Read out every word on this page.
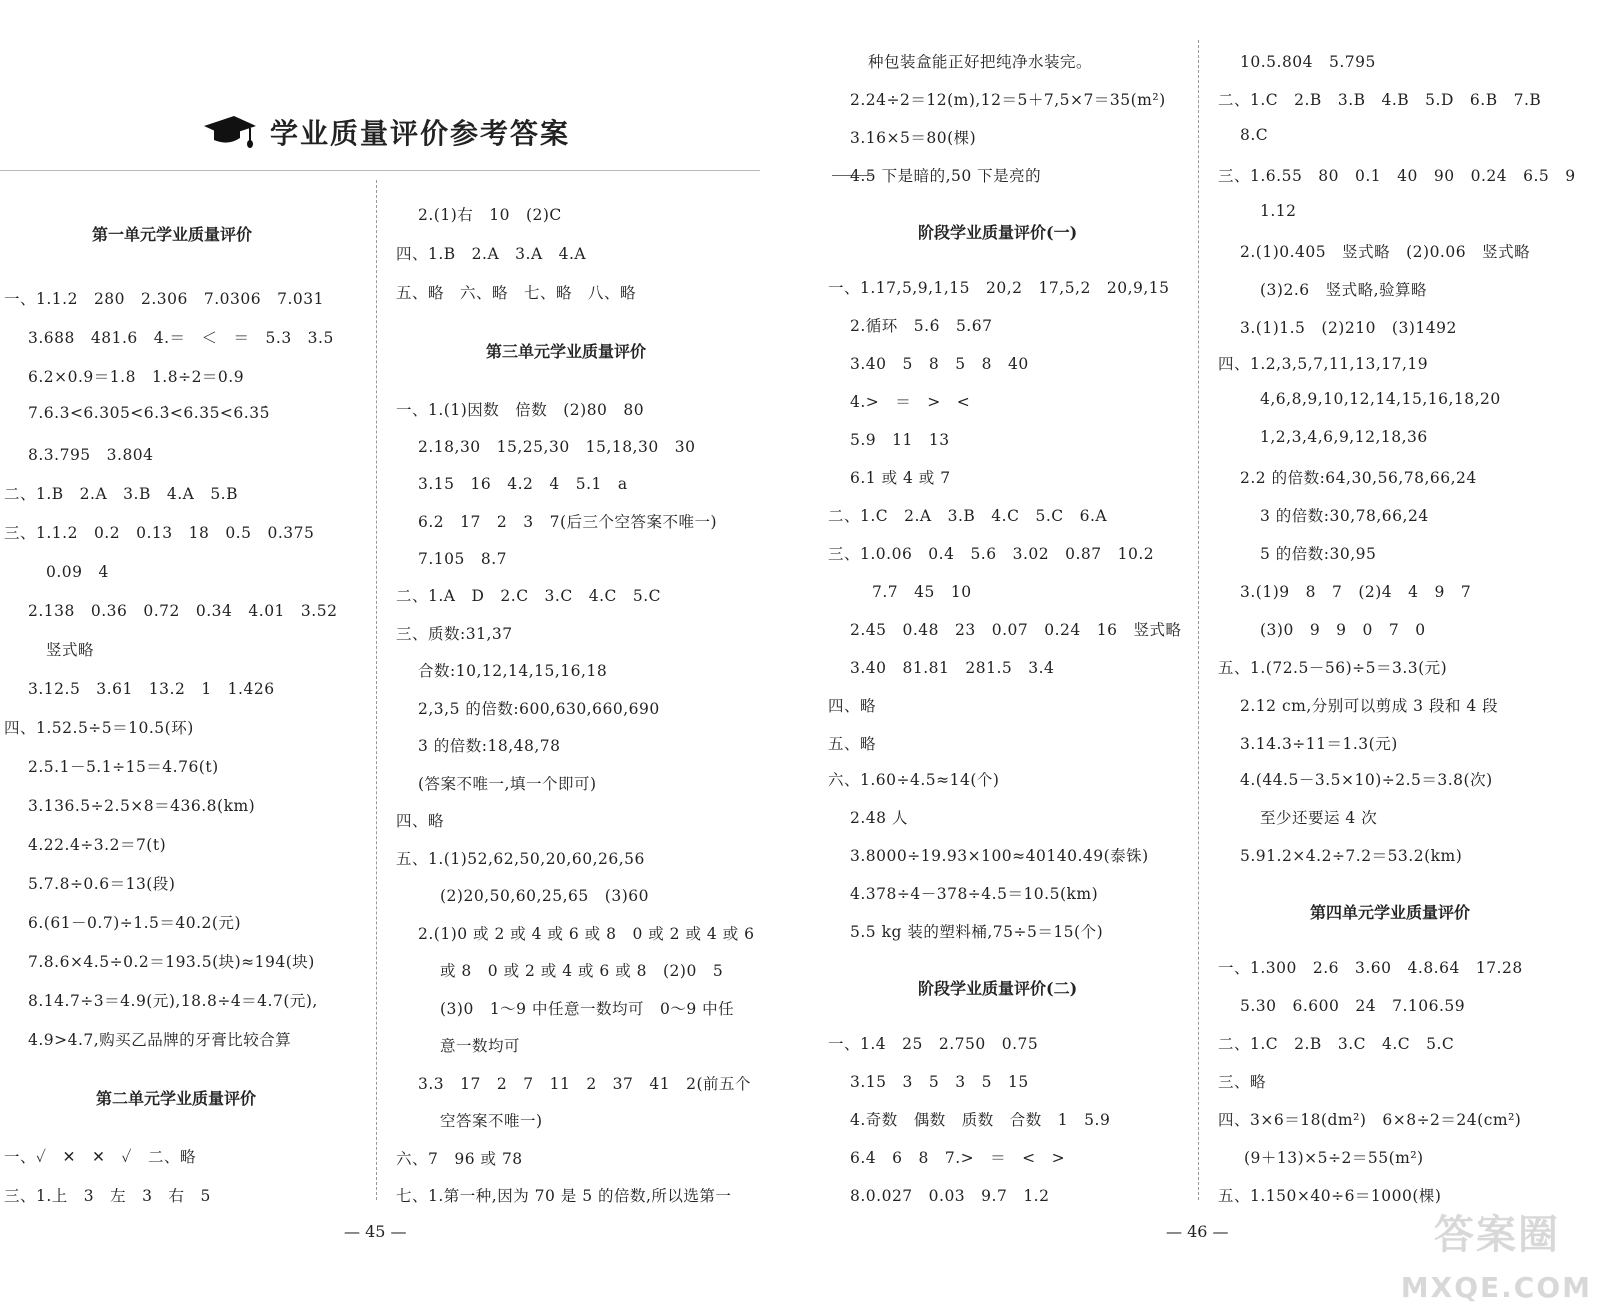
学业质量评价参考答案
第一单元学业质量评价
一、1.1.2　280　2.306　7.0306　7.031
3.688　481.6　4.＝　＜　＝　5.3　3.5
6.2×0.9＝1.8　1.8÷2＝0.9
7.6.3<6.305<6.3̇<6.35<6.35̇
8.3.795　3.804
二、1.B　2.A　3.B　4.A　5.B
三、1.1.2　0.2　0.13　18　0.5　0.375
0.09　4
2.138　0.36　0.72　0.34　4.01　3.52
竖式略
3.12.5　3.61　13.2　1　1.426
四、1.52.5÷5＝10.5(环)
2.5.1－5.1÷15＝4.76(t)
3.136.5÷2.5×8＝436.8(km)
4.22.4÷3.2＝7(t)
5.7.8÷0.6＝13(段)
6.(61－0.7)÷1.5＝40.2(元)
7.8.6×4.5÷0.2＝193.5(块)≈194(块)
8.14.7÷3＝4.9(元),18.8÷4＝4.7(元),
4.9>4.7,购买乙品牌的牙膏比较合算
第二单元学业质量评价
一、✓　✕　✕　✓　二、略
三、1.上　3　左　3　右　5
2.(1)右　10　(2)C
四、1.B　2.A　3.A　4.A
五、略　六、略　七、略　八、略
第三单元学业质量评价
一、1.(1)因数　倍数　(2)80　80
2.18,30　15,25,30　15,18,30　30
3.15　16　4.2　4　5.1　a
6.2　17　2　3　7(后三个空答案不唯一)
7.105　8.7
二、1.A　D　2.C　3.C　4.C　5.C
三、质数:31,37
合数:10,12,14,15,16,18
2,3,5 的倍数:600,630,660,690
3 的倍数:18,48,78
(答案不唯一,填一个即可)
四、略
五、1.(1)52,62,50,20,60,26,56
(2)20,50,60,25,65　(3)60
2.(1)0 或 2 或 4 或 6 或 8　0 或 2 或 4 或 6
或 8　0 或 2 或 4 或 6 或 8　(2)0　5
(3)0　1～9 中任意一数均可　0～9 中任
意一数均可
3.3　17　2　7　11　2　37　41　2(前五个
空答案不唯一)
六、7　96 或 78
七、1.第一种,因为 70 是 5 的倍数,所以选第一
种包装盒能正好把纯净水装完。
2.24÷2＝12(m),12＝5＋7,5×7＝35(m²)
3.16×5＝80(棵)
4.5 下是暗的,50 下是亮的
阶段学业质量评价(一)
一、1.17,5,9,1,15　20,2　17,5,2　20,9,15
2.循环　5.6̇　5.67
3.40　5　8　5　8　40
4.>　＝　>　<
5.9　11　13
6.1 或 4 或 7
二、1.C　2.A　3.B　4.C　5.C　6.A
三、1.0.06　0.4　5.6　3.02　0.87　10.2
7.7　45　10
2.45　0.48　23　0.07　0.24　16　竖式略
3.40　81.81　281.5　3.4
四、略
五、略
六、1.60÷4.5≈14(个)
2.48 人
3.8000÷19.93×100≈40140.49(泰铢)
4.378÷4－378÷4.5＝10.5(km)
5.5 kg 装的塑料桶,75÷5＝15(个)
阶段学业质量评价(二)
一、1.4　25　2.750　0.75
3.15　3　5　3　5　15
4.奇数　偶数　质数　合数　1　5.9
6.4　6　8　7.>　＝　<　>
8.0.027　0.03　9.7　1.2
10.5.804　5.795
二、1.C　2.B　3.B　4.B　5.D　6.B　7.B
8.C
三、1.6.55　80　0.1　40　90　0.24　6.5　9
1.12
2.(1)0.405　竖式略　(2)0.06　竖式略
(3)2.6　竖式略,验算略
3.(1)1.5　(2)210　(3)1492
四、1.2,3,5,7,11,13,17,19
4,6,8,9,10,12,14,15,16,18,20
1,2,3,4,6,9,12,18,36
2.2 的倍数:64,30,56,78,66,24
3 的倍数:30,78,66,24
5 的倍数:30,95
3.(1)9　8　7　(2)4　4　9　7
(3)0　9　9　0　7　0
五、1.(72.5－56)÷5＝3.3(元)
2.12 cm,分别可以剪成 3 段和 4 段
3.14.3÷11＝1.3(元)
4.(44.5－3.5×10)÷2.5＝3.8(次)
至少还要运 4 次
5.91.2×4.2÷7.2＝53.2(km)
第四单元学业质量评价
一、1.300　2.6　3.60　4.8.64　17.28
5.30　6.600　24　7.106.59
二、1.C　2.B　3.C　4.C　5.C
三、略
四、3×6＝18(dm²)　6×8÷2＝24(cm²)
(9＋13)×5÷2＝55(m²)
五、1.150×40÷6＝1000(棵)
— 45 —	— 46 —	答案圈
MXQE.COM
